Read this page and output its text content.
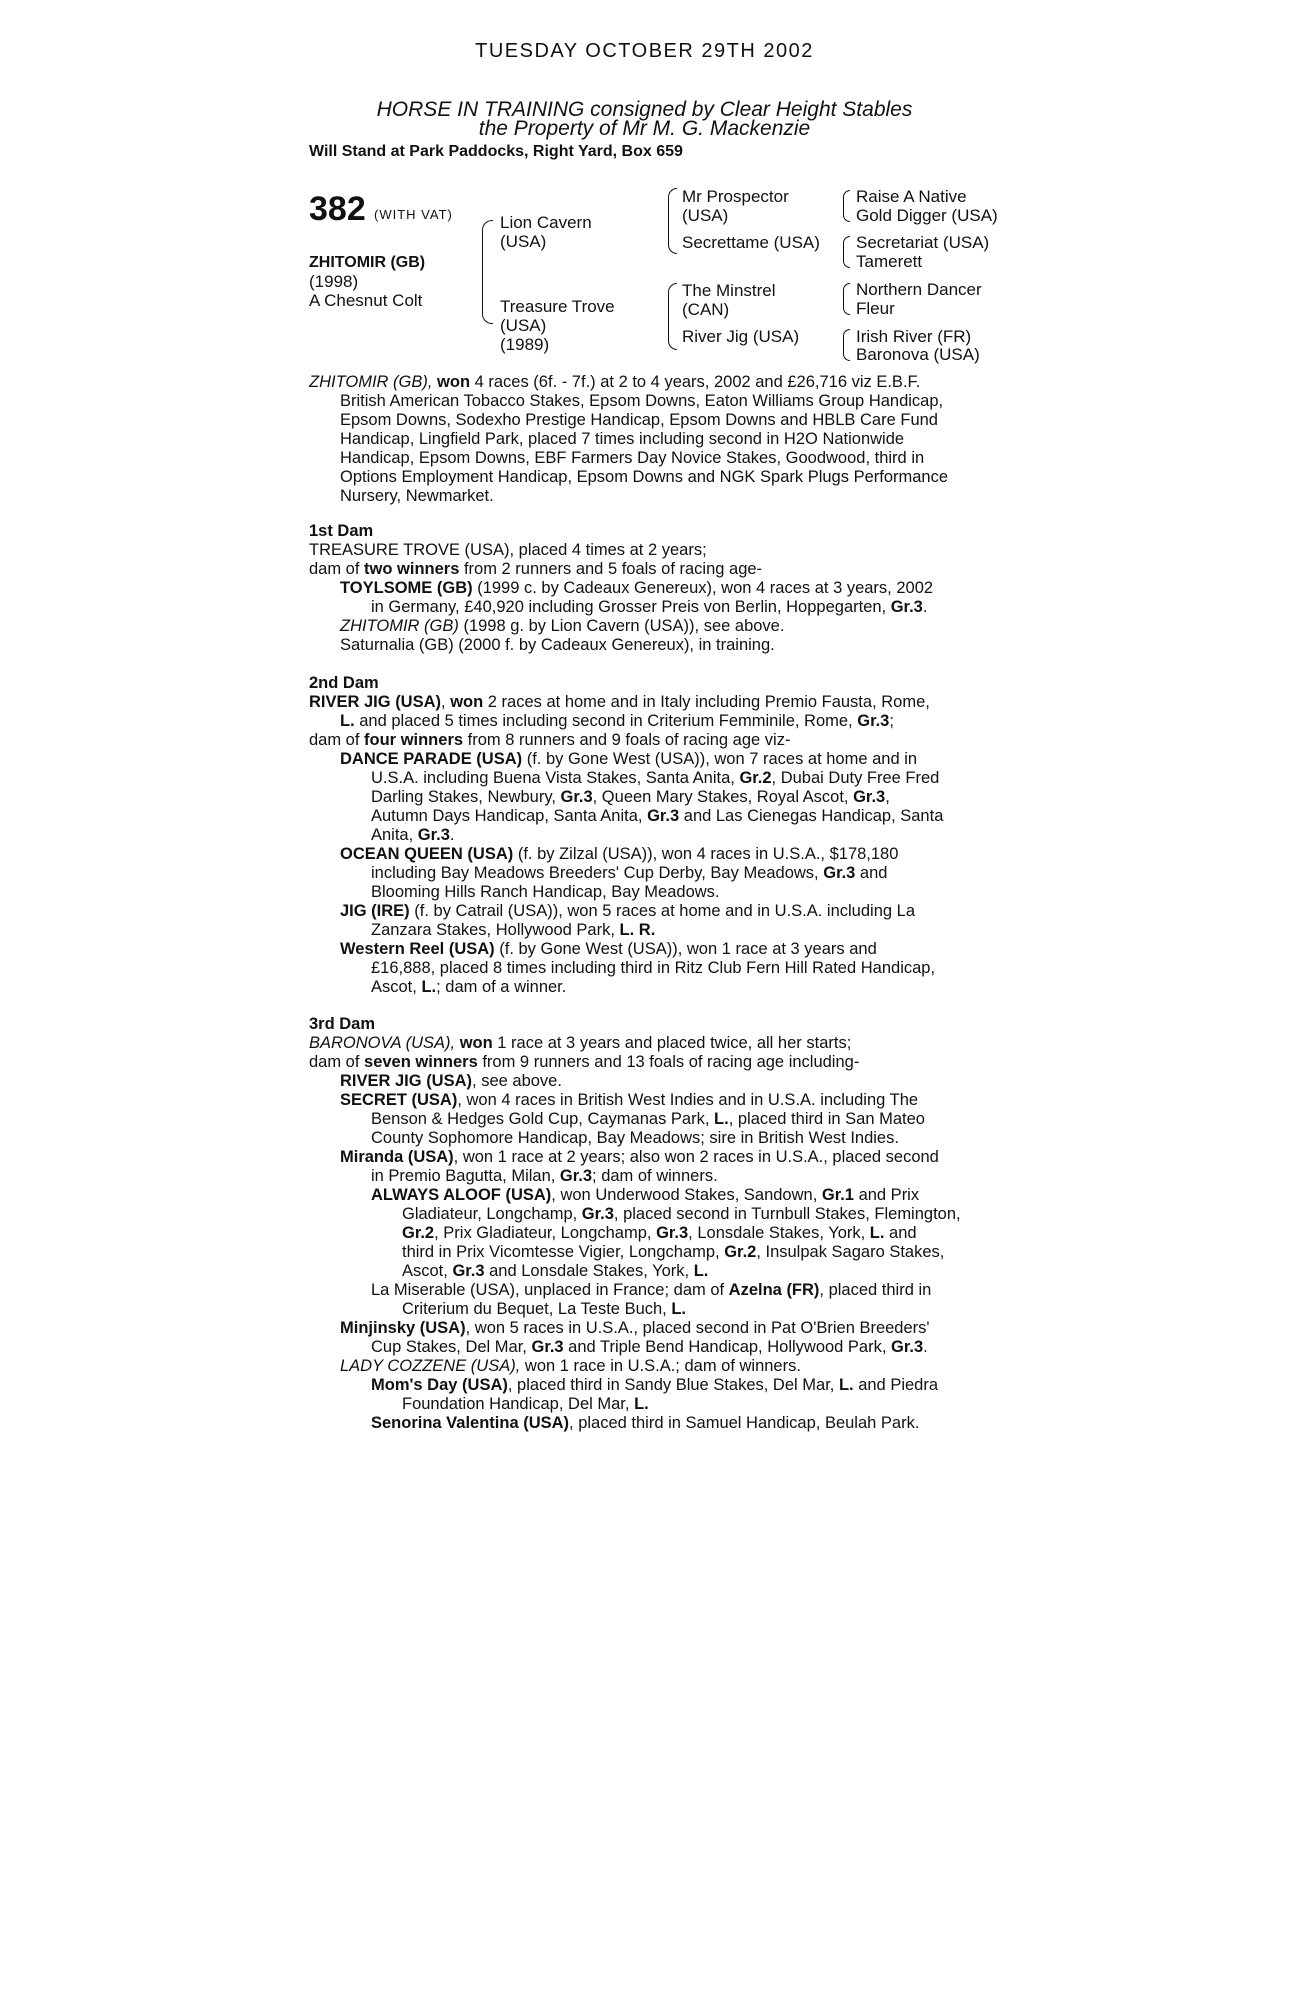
TUESDAY OCTOBER 29TH 2002
HORSE IN TRAINING consigned by Clear Height Stables
the Property of Mr M. G. Mackenzie
Will Stand at Park Paddocks, Right Yard, Box 659
382 (WITH VAT)
ZHITOMIR (GB)
(1998)
A Chesnut Colt
Lion Cavern
(USA)
Treasure Trove
(USA)
(1989)
Mr Prospector
(USA)
Secrettame (USA)
The Minstrel
(CAN)
River Jig (USA)
Raise A Native
Gold Digger (USA)
Secretariat (USA)
Tamerett
Northern Dancer
Fleur
Irish River (FR)
Baronova (USA)
ZHITOMIR (GB), won 4 races (6f. - 7f.) at 2 to 4 years, 2002 and £26,716 viz E.B.F.
British American Tobacco Stakes, Epsom Downs, Eaton Williams Group Handicap,
Epsom Downs, Sodexho Prestige Handicap, Epsom Downs and HBLB Care Fund
Handicap, Lingfield Park, placed 7 times including second in H2O Nationwide
Handicap, Epsom Downs, EBF Farmers Day Novice Stakes, Goodwood, third in
Options Employment Handicap, Epsom Downs and NGK Spark Plugs Performance
Nursery, Newmarket.
1st Dam
TREASURE TROVE (USA), placed 4 times at 2 years;
dam of two winners from 2 runners and 5 foals of racing age-
TOYLSOME (GB) (1999 c. by Cadeaux Genereux), won 4 races at 3 years, 2002
in Germany, £40,920 including Grosser Preis von Berlin, Hoppegarten, Gr.3.
ZHITOMIR (GB) (1998 g. by Lion Cavern (USA)), see above.
Saturnalia (GB) (2000 f. by Cadeaux Genereux), in training.
2nd Dam
RIVER JIG (USA), won 2 races at home and in Italy including Premio Fausta, Rome,
L. and placed 5 times including second in Criterium Femminile, Rome, Gr.3;
dam of four winners from 8 runners and 9 foals of racing age viz-
DANCE PARADE (USA) (f. by Gone West (USA)), won 7 races at home and in
U.S.A. including Buena Vista Stakes, Santa Anita, Gr.2, Dubai Duty Free Fred
Darling Stakes, Newbury, Gr.3, Queen Mary Stakes, Royal Ascot, Gr.3,
Autumn Days Handicap, Santa Anita, Gr.3 and Las Cienegas Handicap, Santa
Anita, Gr.3.
OCEAN QUEEN (USA) (f. by Zilzal (USA)), won 4 races in U.S.A., $178,180
including Bay Meadows Breeders' Cup Derby, Bay Meadows, Gr.3 and
Blooming Hills Ranch Handicap, Bay Meadows.
JIG (IRE) (f. by Catrail (USA)), won 5 races at home and in U.S.A. including La
Zanzara Stakes, Hollywood Park, L. R.
Western Reel (USA) (f. by Gone West (USA)), won 1 race at 3 years and
£16,888, placed 8 times including third in Ritz Club Fern Hill Rated Handicap,
Ascot, L.; dam of a winner.
3rd Dam
BARONOVA (USA), won 1 race at 3 years and placed twice, all her starts;
dam of seven winners from 9 runners and 13 foals of racing age including-
RIVER JIG (USA), see above.
SECRET (USA), won 4 races in British West Indies and in U.S.A. including The
Benson & Hedges Gold Cup, Caymanas Park, L., placed third in San Mateo
County Sophomore Handicap, Bay Meadows; sire in British West Indies.
Miranda (USA), won 1 race at 2 years; also won 2 races in U.S.A., placed second
in Premio Bagutta, Milan, Gr.3; dam of winners.
ALWAYS ALOOF (USA), won Underwood Stakes, Sandown, Gr.1 and Prix
Gladiateur, Longchamp, Gr.3, placed second in Turnbull Stakes, Flemington,
Gr.2, Prix Gladiateur, Longchamp, Gr.3, Lonsdale Stakes, York, L. and
third in Prix Vicomtesse Vigier, Longchamp, Gr.2, Insulpak Sagaro Stakes,
Ascot, Gr.3 and Lonsdale Stakes, York, L.
La Miserable (USA), unplaced in France; dam of Azelna (FR), placed third in
Criterium du Bequet, La Teste Buch, L.
Minjinsky (USA), won 5 races in U.S.A., placed second in Pat O'Brien Breeders'
Cup Stakes, Del Mar, Gr.3 and Triple Bend Handicap, Hollywood Park, Gr.3.
LADY COZZENE (USA), won 1 race in U.S.A.; dam of winners.
Mom's Day (USA), placed third in Sandy Blue Stakes, Del Mar, L. and Piedra
Foundation Handicap, Del Mar, L.
Senorina Valentina (USA), placed third in Samuel Handicap, Beulah Park.
